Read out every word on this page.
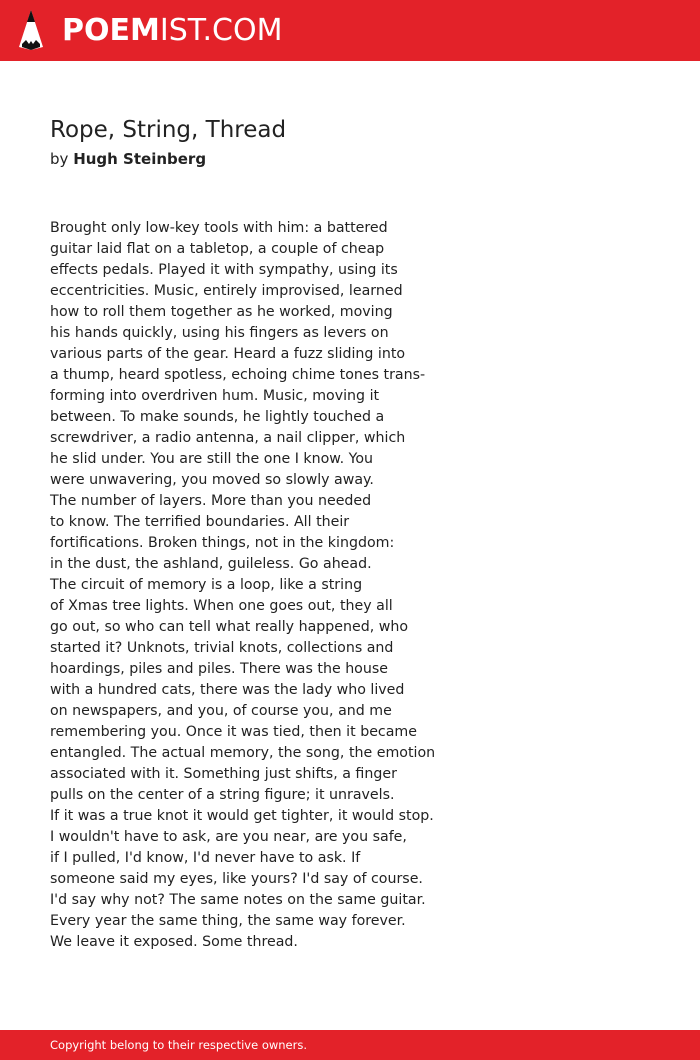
POEMIST.COM
Rope, String, Thread
by Hugh Steinberg
Brought only low-key tools with him: a battered
guitar laid flat on a tabletop, a couple of cheap
effects pedals. Played it with sympathy, using its
eccentricities. Music, entirely improvised, learned
how to roll them together as he worked, moving
his hands quickly, using his fingers as levers on
various parts of the gear. Heard a fuzz sliding into
a thump, heard spotless, echoing chime tones trans-
forming into overdriven hum. Music, moving it
between. To make sounds, he lightly touched a
screwdriver, a radio antenna, a nail clipper, which
he slid under. You are still the one I know. You
were unwavering, you moved so slowly away.
The number of layers. More than you needed
to know. The terrified boundaries. All their
fortifications. Broken things, not in the kingdom:
in the dust, the ashland, guileless. Go ahead.
The circuit of memory is a loop, like a string
of Xmas tree lights. When one goes out, they all
go out, so who can tell what really happened, who
started it? Unknots, trivial knots, collections and
hoardings, piles and piles. There was the house
with a hundred cats, there was the lady who lived
on newspapers, and you, of course you, and me
remembering you. Once it was tied, then it became
entangled. The actual memory, the song, the emotion
associated with it. Something just shifts, a finger
pulls on the center of a string figure; it unravels.
If it was a true knot it would get tighter, it would stop.
I wouldn't have to ask, are you near, are you safe,
if I pulled, I'd know, I'd never have to ask. If
someone said my eyes, like yours? I'd say of course.
I'd say why not? The same notes on the same guitar.
Every year the same thing, the same way forever.
We leave it exposed. Some thread.
Copyright belong to their respective owners.
